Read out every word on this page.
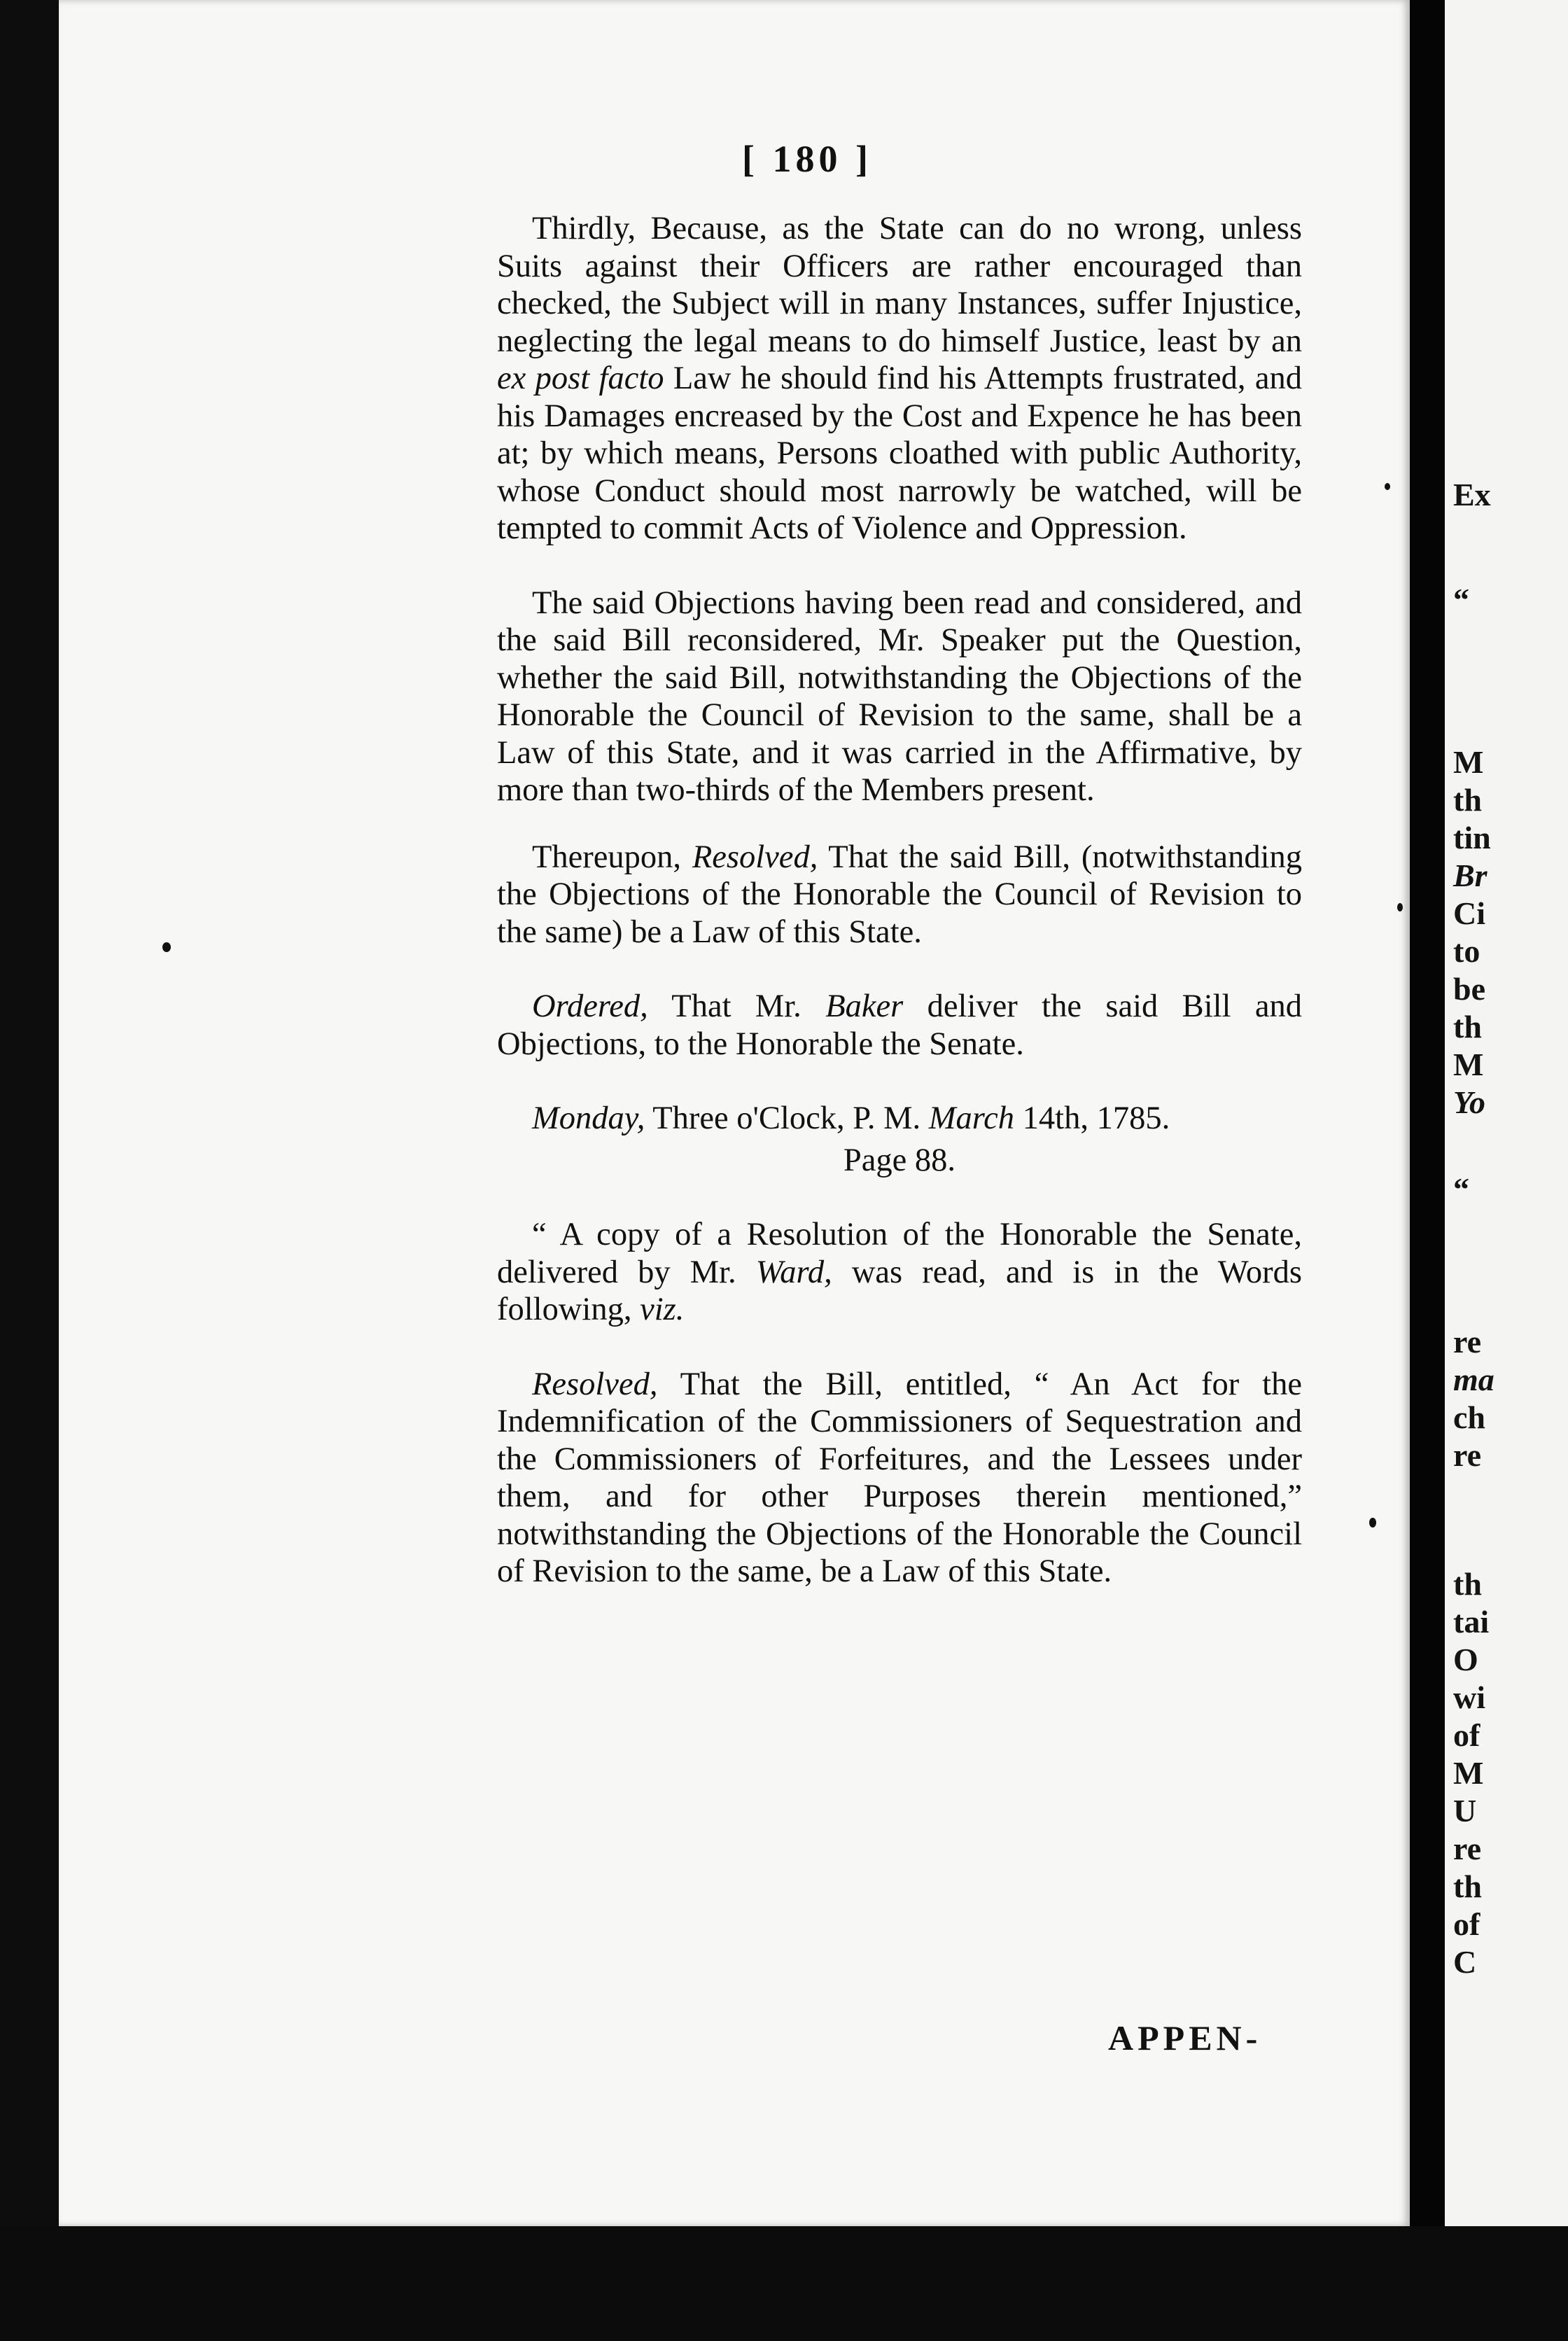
Ex
“
M
th
tin
Br
Ci
to
be
th
M
Yo
“
re
ma
ch
re
th
tai
O
wi
of
M
U
re
th
of
C
[ 180 ]

Thirdly, Because, as the State can do no wrong, unless Suits against their Officers are rather encouraged than checked, the Subject will in many Instances, suffer Injustice, neglecting the legal means to do himself Justice, least by an ex post facto Law he should find his Attempts frustrated, and his Damages encreased by the Cost and Expence he has been at; by which means, Persons cloathed with public Authority, whose Conduct should most narrowly be watched, will be tempted to commit Acts of Violence and Oppression.

The said Objections having been read and considered, and the said Bill reconsidered, Mr. Speaker put the Question, whether the said Bill, notwithstanding the Objections of the Honorable the Council of Revision to the same, shall be a Law of this State, and it was carried in the Affirmative, by more than two-thirds of the Members present.

Thereupon, Resolved, That the said Bill, (notwithstanding the Objections of the Honorable the Council of Revision to the same) be a Law of this State.

Ordered, That Mr. Baker deliver the said Bill and Objections, to the Honorable the Senate.

Monday, Three o'Clock, P. M. March 14th, 1785.

Page 88.

“ A copy of a Resolution of the Honorable the Senate, delivered by Mr. Ward, was read, and is in the Words following, viz.

Resolved, That the Bill, entitled, “ An Act for the Indemnification of the Commissioners of Sequestration and the Commissioners of Forfeitures, and the Lessees under them, and for other Purposes therein mentioned,” notwithstanding the Objections of the Honorable the Council of Revision to the same, be a Law of this State.

APPEN-
